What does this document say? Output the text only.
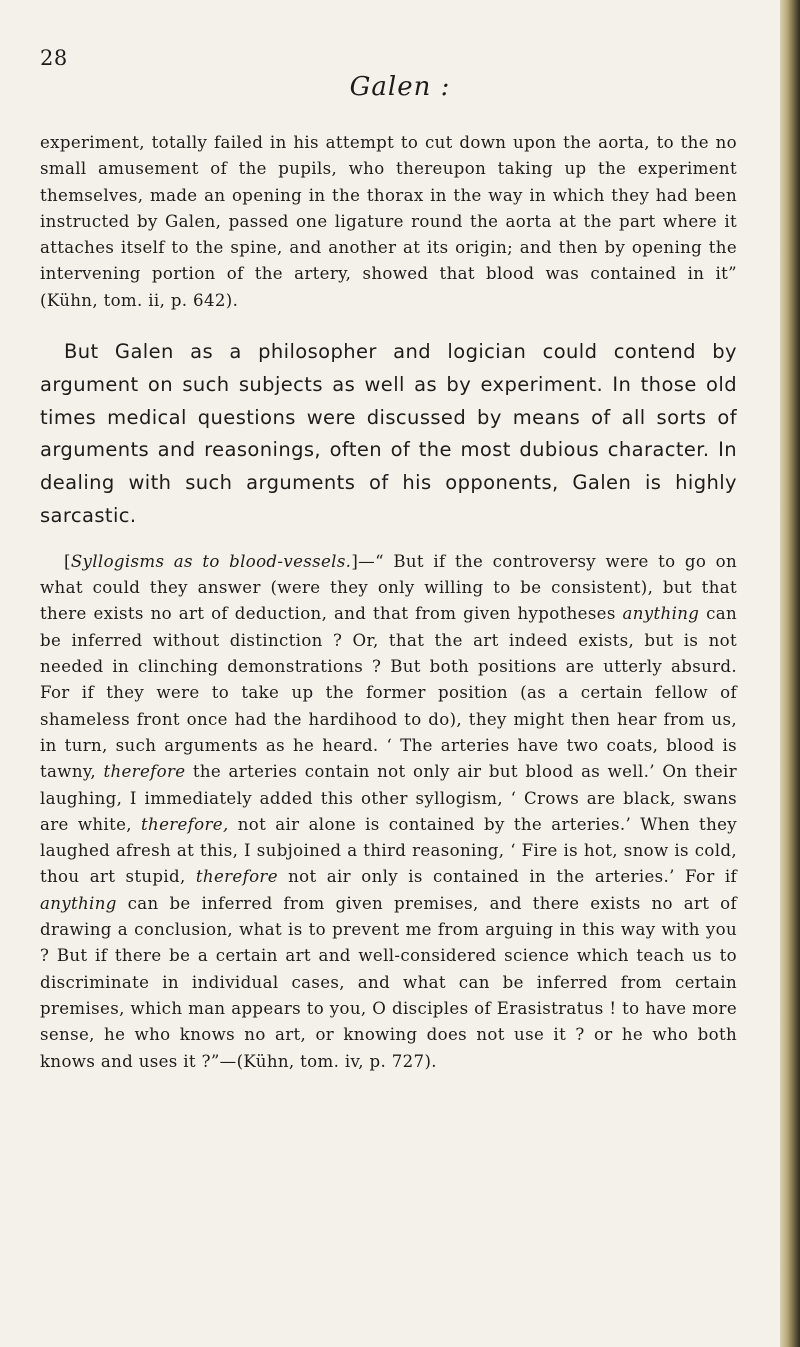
28

Galen :

experiment, totally failed in his attempt to cut down upon the aorta, to the no small amusement of the pupils, who thereupon taking up the experiment themselves, made an opening in the thorax in the way in which they had been instructed by Galen, passed one ligature round the aorta at the part where it attaches itself to the spine, and another at its origin; and then by opening the intervening portion of the artery, showed that blood was contained in it” (Kühn, tom. ii, p. 642).

But Galen as a philosopher and logician could contend by argument on such subjects as well as by experiment. In those old times medical questions were discussed by means of all sorts of arguments and reasonings, often of the most dubious character. In dealing with such arguments of his opponents, Galen is highly sarcastic.

[Syllogisms as to blood-vessels.]—“ But if the controversy were to go on what could they answer (were they only willing to be consistent), but that there exists no art of deduction, and that from given hypotheses anything can be inferred without distinction ? Or, that the art indeed exists, but is not needed in clinching demonstrations ? But both positions are utterly absurd. For if they were to take up the former position (as a certain fellow of shameless front once had the hardihood to do), they might then hear from us, in turn, such arguments as he heard. ‘ The arteries have two coats, blood is tawny, therefore the arteries contain not only air but blood as well.’ On their laughing, I immediately added this other syllogism, ‘ Crows are black, swans are white, therefore, not air alone is contained by the arteries.’ When they laughed afresh at this, I subjoined a third reasoning, ‘ Fire is hot, snow is cold, thou art stupid, therefore not air only is contained in the arteries.’ For if anything can be inferred from given premises, and there exists no art of drawing a conclusion, what is to prevent me from arguing in this way with you ? But if there be a certain art and well-considered science which teach us to discriminate in individual cases, and what can be inferred from certain premises, which man appears to you, O disciples of Erasistratus ! to have more sense, he who knows no art, or knowing does not use it ? or he who both knows and uses it ?”—(Kühn, tom. iv, p. 727).
